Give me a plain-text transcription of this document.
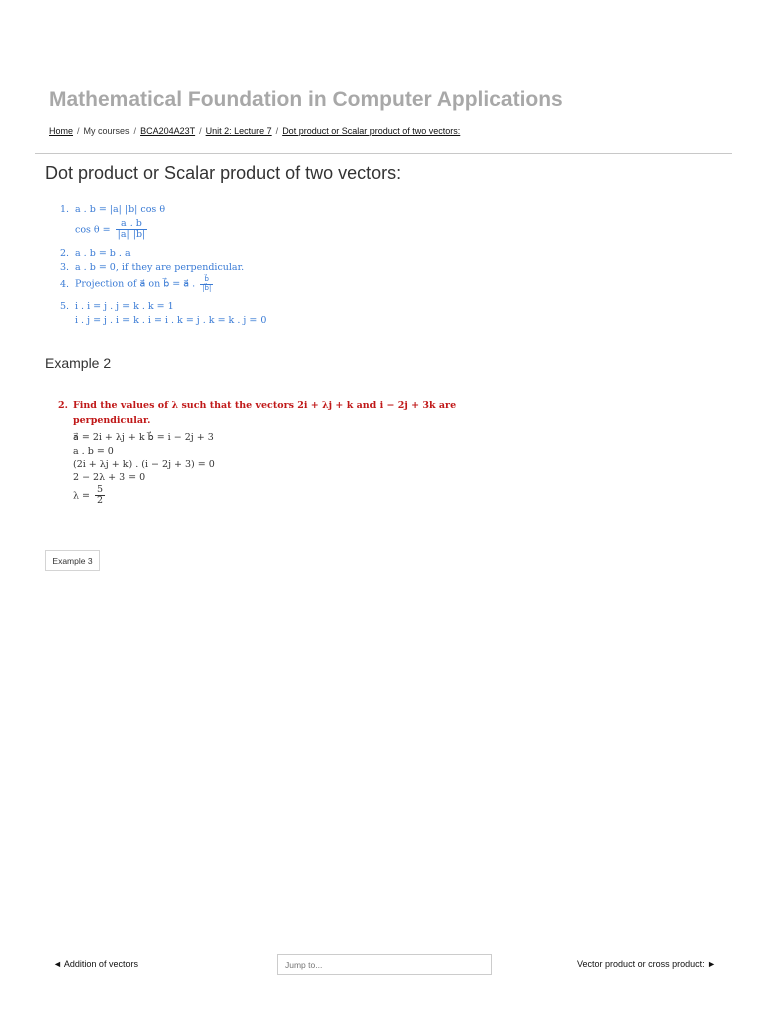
Mathematical Foundation in Computer Applications
Home / My courses / BCA204A23T / Unit 2: Lecture 7 / Dot product or Scalar product of two vectors:
Dot product or Scalar product of two vectors:
1. a . b = |a| |b| cos θ
$\cos \theta = \frac{a . b}{|a| |b|}$
2. a . b = b . a
3. a . b = 0, if they are perpendicular.
4. Projection of a⃗ on b⃗ = a⃗ . $\frac{b⃗}{|b⃗|}$
5. i . i = j . j = k . k = 1
i . j = j . i = k . i = i . k = j . k = k . j = 0
Example 2
2. Find the values of λ such that the vectors 2i + λj + k and i − 2j + 3k are
perpendicular.
a⃗ = 2i + λj + k b⃗ = i − 2j + 3
a . b = 0
(2i + λj + k) . (i − 2j + 3) = 0
2 − 2λ + 3 = 0
$\lambda = \frac{5}{2}$
Example 3
◄ Addition of vectors
Jump to...	Vector product or cross product: ►
